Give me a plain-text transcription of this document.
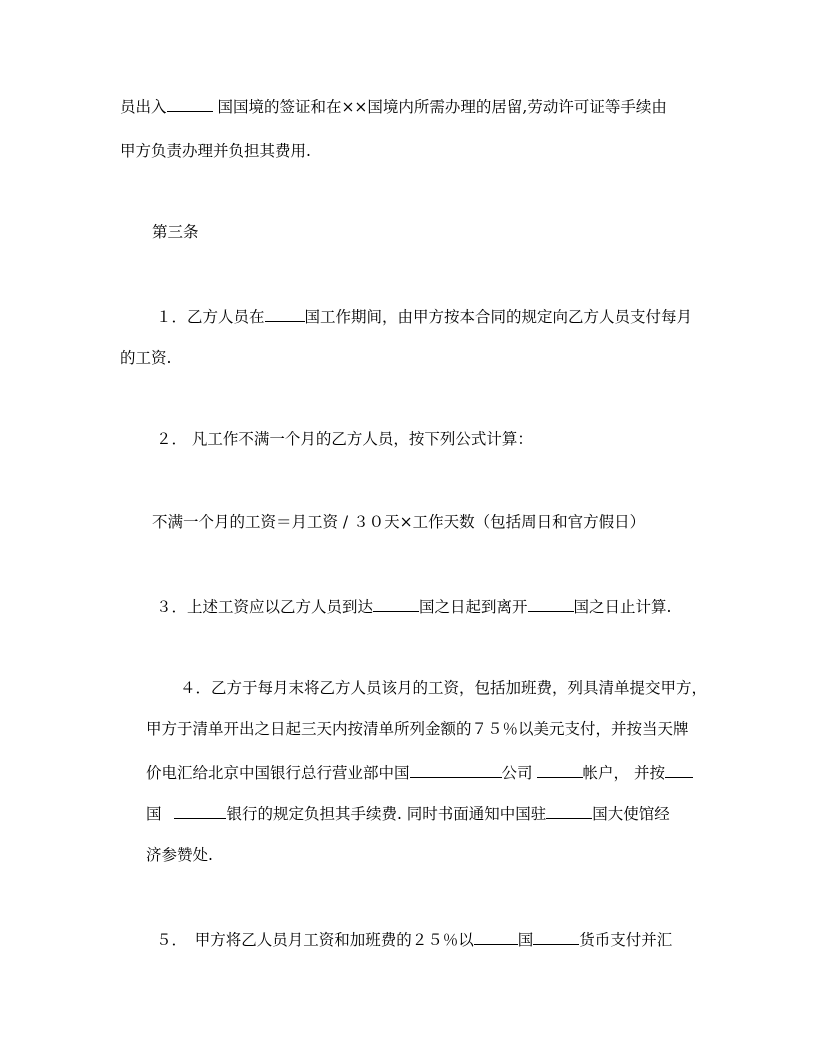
员出入	国国境的签证和在××国境内所需办理的居留,劳动许可证等手续由
甲方负责办理并负担其费用.
第三条
１．乙方人员在	国工作期间，由甲方按本合同的规定向乙方人员支付每月
的工资.
２． 凡工作不满一个月的乙方人员，按下列公式计算：
不满一个月的工资＝月工资 / ３０天×工作天数（包括周日和官方假日）
３．上述工资应以乙方人员到达	国之日起到离开	国之日止计算.
４．乙方于每月末将乙方人员该月的工资，包括加班费，列具清单提交甲方，
甲方于清单开出之日起三天内按清单所列金额的７５％以美元支付，并按当天牌
价电汇给北京中国银行总行营业部中国	公司	帐户， 并按
国	银行的规定负担其手续费. 同时书面通知中国驻	国大使馆经
济参赞处.
５．　甲方将乙人员月工资和加班费的２５％以	国	货币支付并汇
